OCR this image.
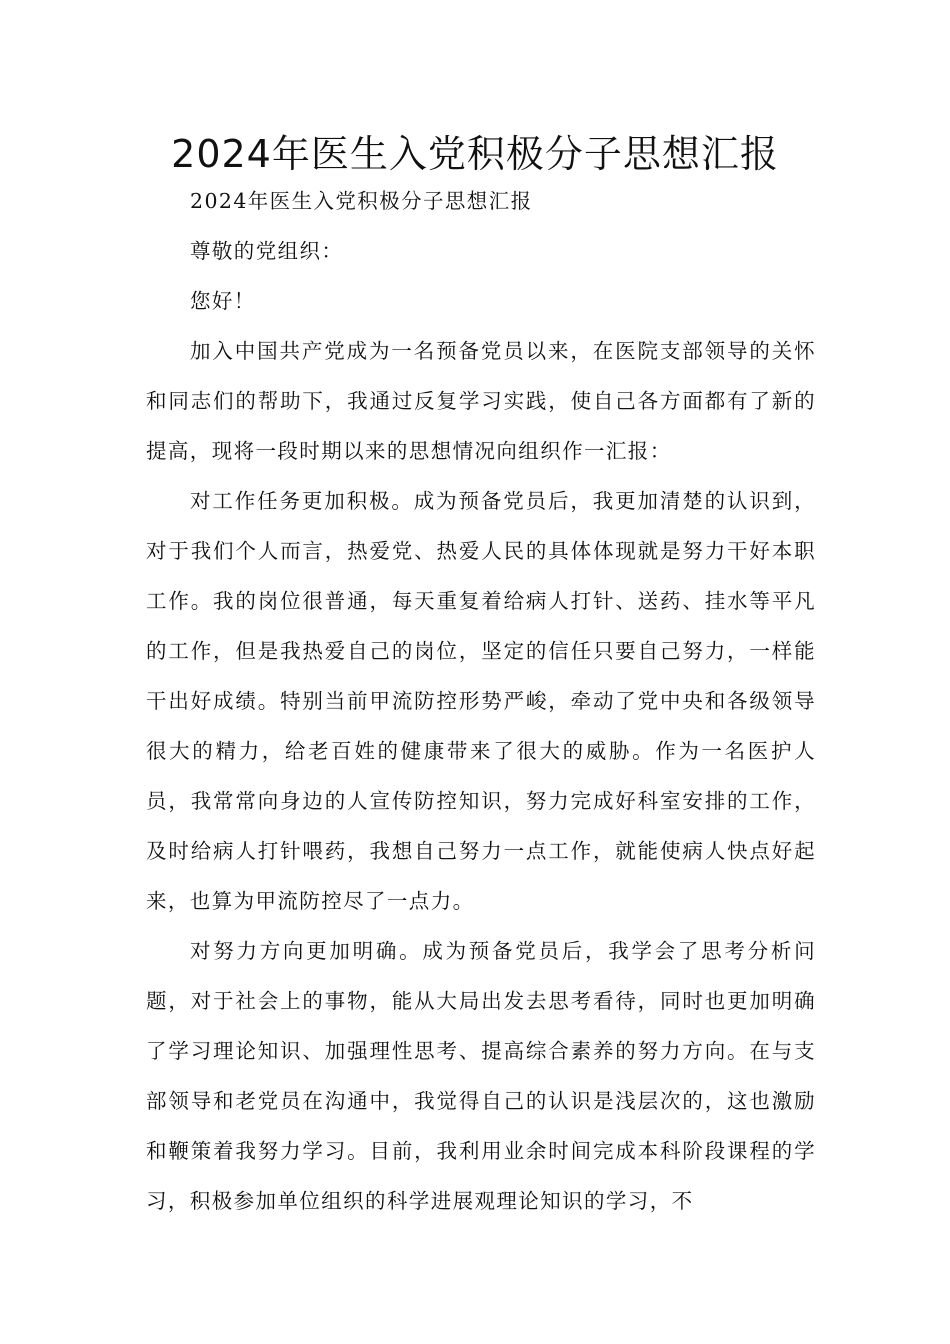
2024年医生入党积极分子思想汇报

2024年医生入党积极分子思想汇报

尊敬的党组织：

您好！

加入中国共产党成为一名预备党员以来，在医院支部领导的关怀和同志们的帮助下，我通过反复学习实践，使自己各方面都有了新的提高，现将一段时期以来的思想情况向组织作一汇报：

对工作任务更加积极。成为预备党员后，我更加清楚的认识到，对于我们个人而言，热爱党、热爱人民的具体体现就是努力干好本职工作。我的岗位很普通，每天重复着给病人打针、送药、挂水等平凡的工作，但是我热爱自己的岗位，坚定的信任只要自己努力，一样能干出好成绩。特别当前甲流防控形势严峻，牵动了党中央和各级领导很大的精力，给老百姓的健康带来了很大的威胁。作为一名医护人员，我常常向身边的人宣传防控知识，努力完成好科室安排的工作，及时给病人打针喂药，我想自己努力一点工作，就能使病人快点好起来，也算为甲流防控尽了一点力。

对努力方向更加明确。成为预备党员后，我学会了思考分析问题，对于社会上的事物，能从大局出发去思考看待，同时也更加明确了学习理论知识、加强理性思考、提高综合素养的努力方向。在与支部领导和老党员在沟通中，我觉得自己的认识是浅层次的，这也激励和鞭策着我努力学习。目前，我利用业余时间完成本科阶段课程的学习，积极参加单位组织的科学进展观理论知识的学习，不
